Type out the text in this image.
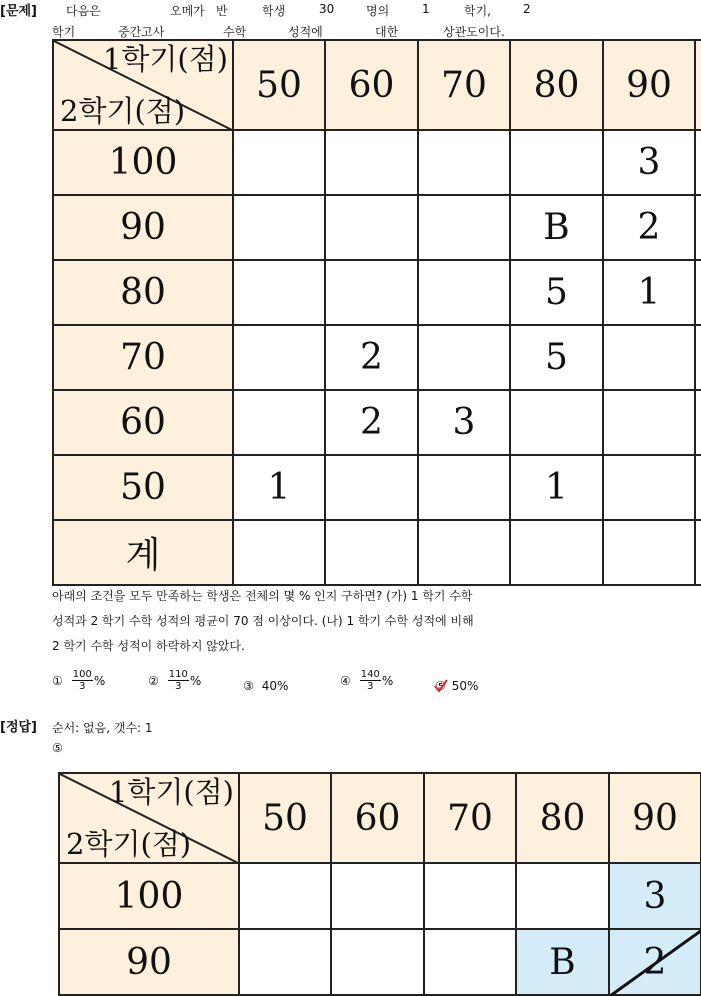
[문제] 다음은	오메가 반	학생	30	명의	1	학기,	2
학기	중간고사	수학	성적에	대한	상관도이다.
1학기(점)
2학기(점)	50	60	70	80	90	
100					3	
90				B	2	
80				5	1	
70		2		5		
60		2	3			
50	1			1		
계						
아래의 조건을 모두 만족하는 학생은 전체의 몇 % 인지 구하면? (가) 1 학기 수학
성적과 2 학기 수학 성적의 평균이 70 점 이상이다. (나) 1 학기 수학 성적에 비해
2 학기 수학 성적이 하락하지 않았다.
① $\frac{100}{3}$ %	② $\frac{110}{3}$ %	③ 40%	④ $\frac{140}{3}$ %	⑤ 50%
[정답] 순서: 없음, 갯수: 1
⑤
1학기(점)
2학기(점)	50	60	70	80	90
100					3
90				B	2
